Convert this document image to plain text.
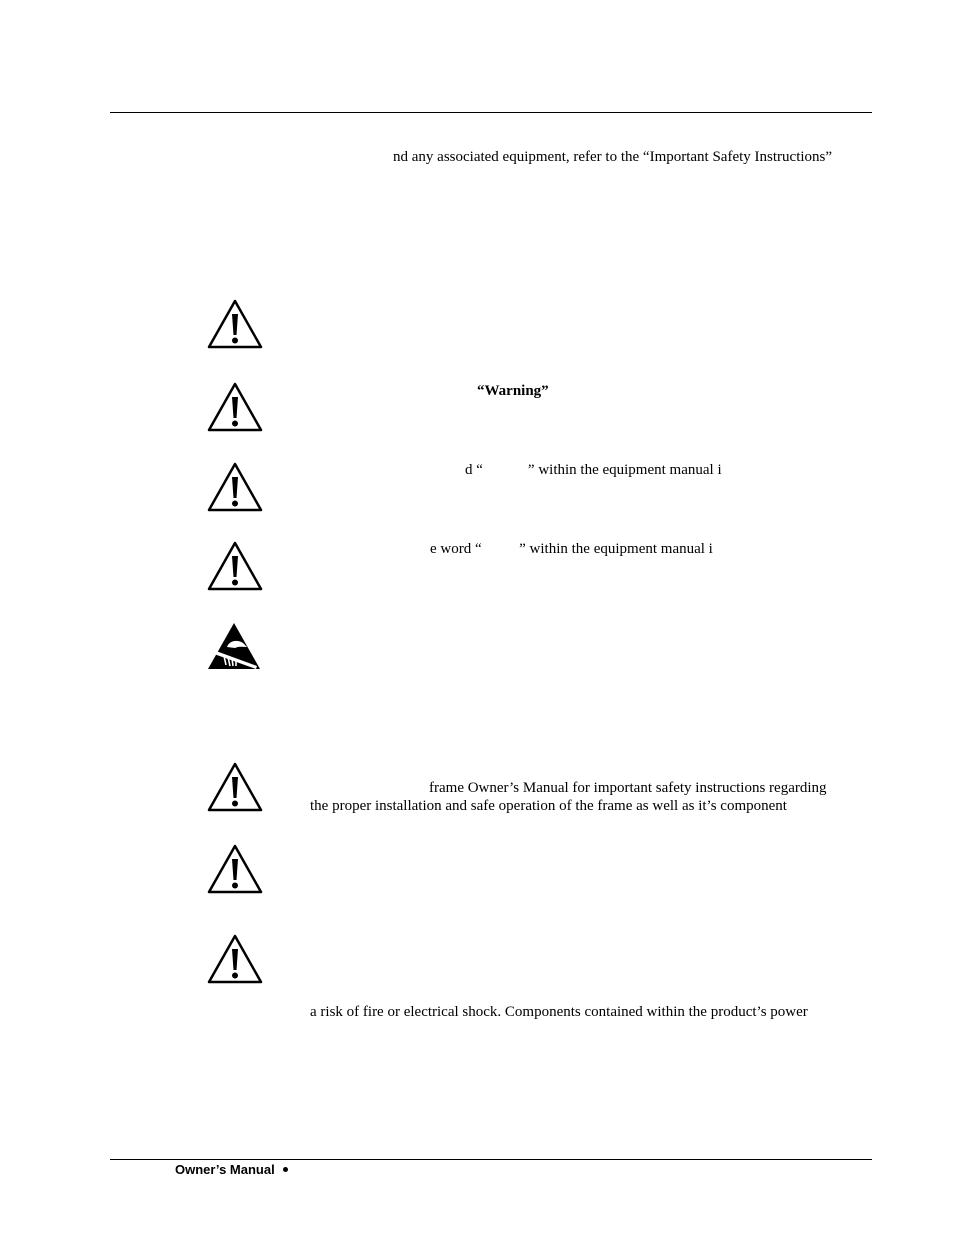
nd any associated equipment, refer to the “Important Safety Instructions”
“Warning”
d “            ” within the equipment manual i
e word “          ” within the equipment manual i
frame Owner’s Manual for important safety instructions regarding
the proper installation and safe operation of the frame as well as it’s component
a risk of fire or electrical shock. Components contained within the product’s power
Owner’s Manual
